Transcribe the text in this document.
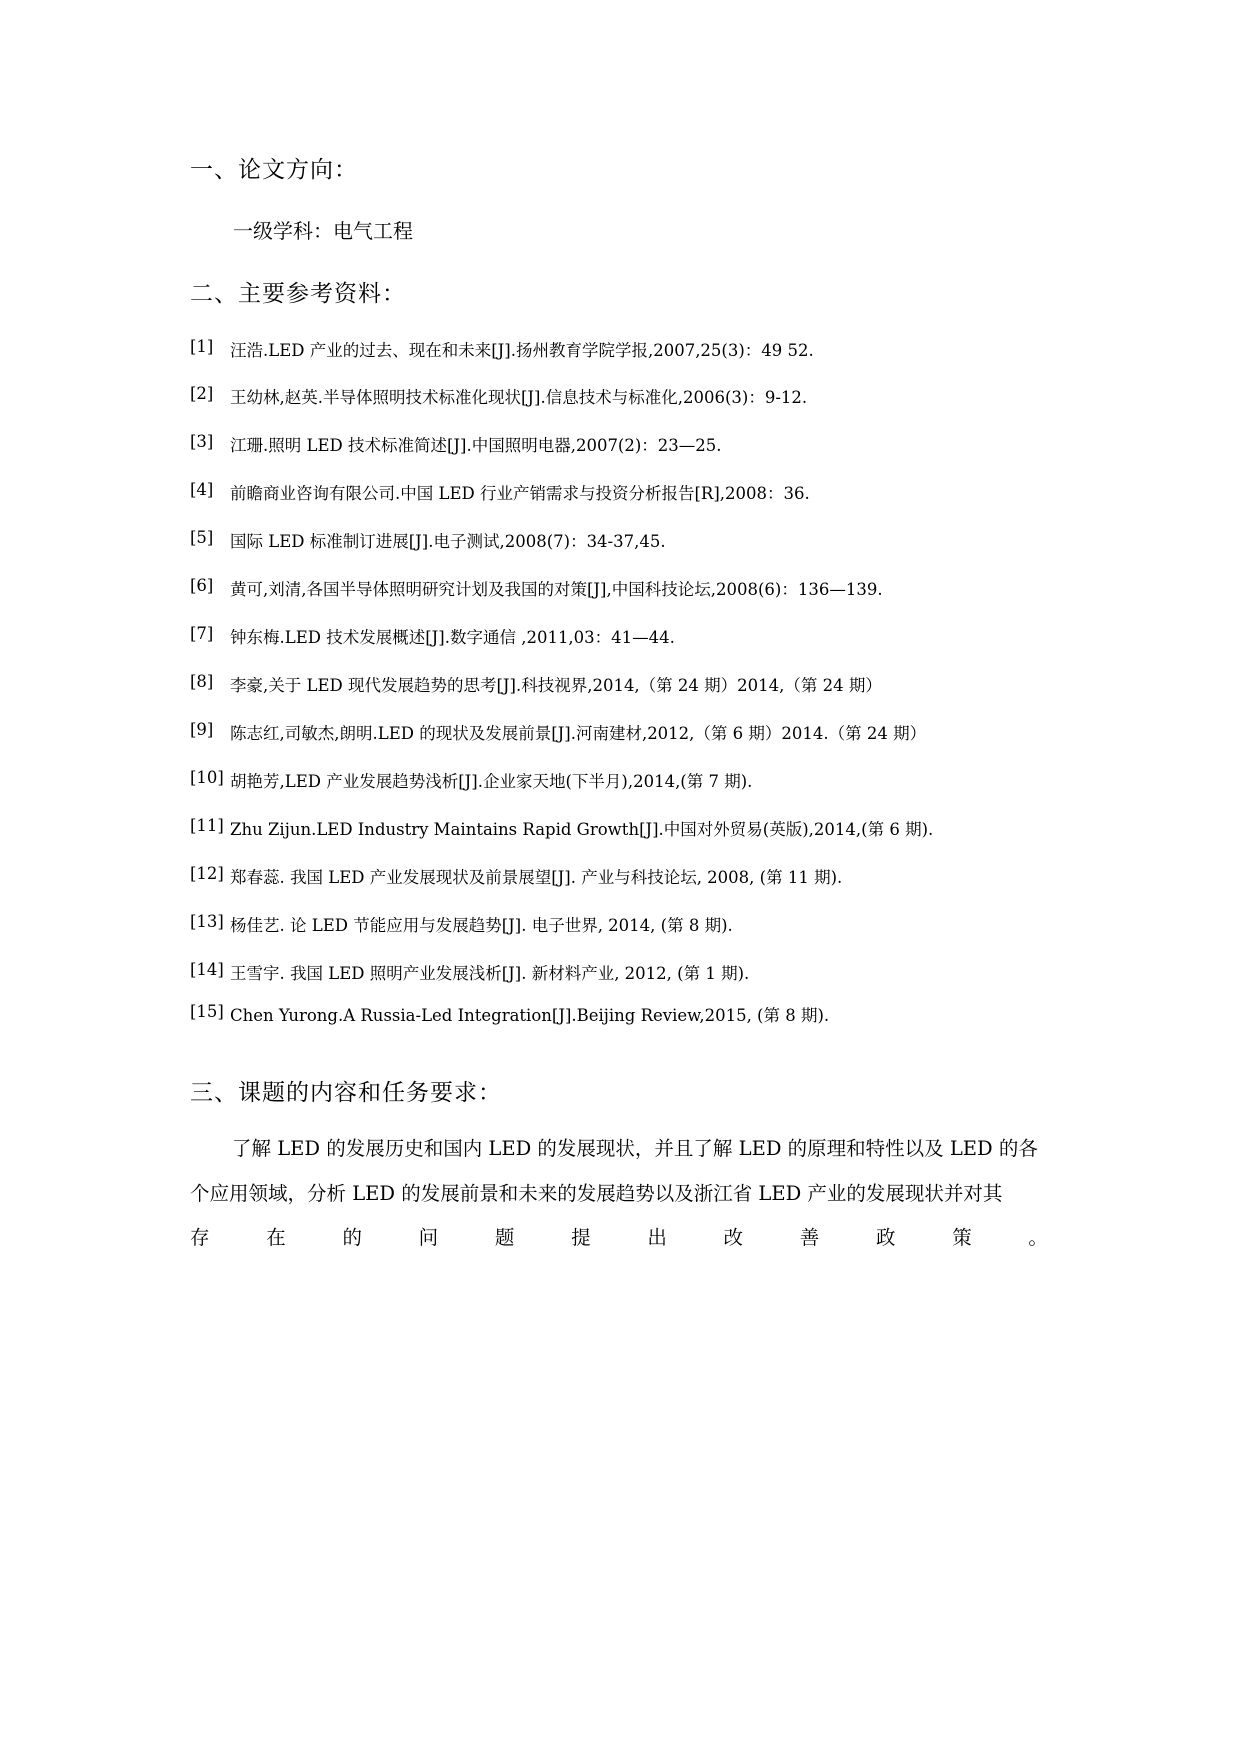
一、论文方向：
一级学科：电气工程
二、主要参考资料：
[1]	汪浩.LED 产业的过去、现在和未来[J].扬州教育学院学报,2007,25(3)：49 52.
[2]	王幼林,赵英.半导体照明技术标准化现状[J].信息技术与标准化,2006(3)：9-12.
[3]	江珊.照明 LED 技术标准简述[J].中国照明电器,2007(2)：23—25.
[4]	前瞻商业咨询有限公司.中国 LED 行业产销需求与投资分析报告[R],2008：36.
[5]	国际 LED 标准制订进展[J].电子测试,2008(7)：34-37,45.
[6]	黄可,刘清,各国半导体照明研究计划及我国的对策[J],中国科技论坛,2008(6)：136—139.
[7]	钟东梅.LED 技术发展概述[J].数字通信 ,2011,03：41—44.
[8]	李豪,关于 LED 现代发展趋势的思考[J].科技视界,2014,（第 24 期）2014,（第 24 期）
[9]	陈志红,司敏杰,朗明.LED 的现状及发展前景[J].河南建材,2012,（第 6 期）2014.（第 24 期）
[10] 胡艳芳,LED 产业发展趋势浅析[J].企业家天地(下半月),2014,(第 7 期).
[11] Zhu Zijun.LED Industry Maintains Rapid Growth[J].中国对外贸易(英版),2014,(第 6 期).
[12] 郑春蕊. 我国 LED 产业发展现状及前景展望[J]. 产业与科技论坛, 2008, (第 11 期).
[13] 杨佳艺. 论 LED 节能应用与发展趋势[J]. 电子世界, 2014, (第 8 期).
[14] 王雪宇. 我国 LED 照明产业发展浅析[J]. 新材料产业, 2012, (第 1 期).
[15] Chen Yurong.A Russia-Led Integration[J].Beijing Review,2015, (第 8 期).
三、课题的内容和任务要求：
了解 LED 的发展历史和国内 LED 的发展现状，并且了解 LED 的原理和特性以及 LED 的各
个应用领域，分析 LED 的发展前景和未来的发展趋势以及浙江省 LED 产业的发展现状并对其
存	在	的	问	题	提	出	改	善	政	策	。
